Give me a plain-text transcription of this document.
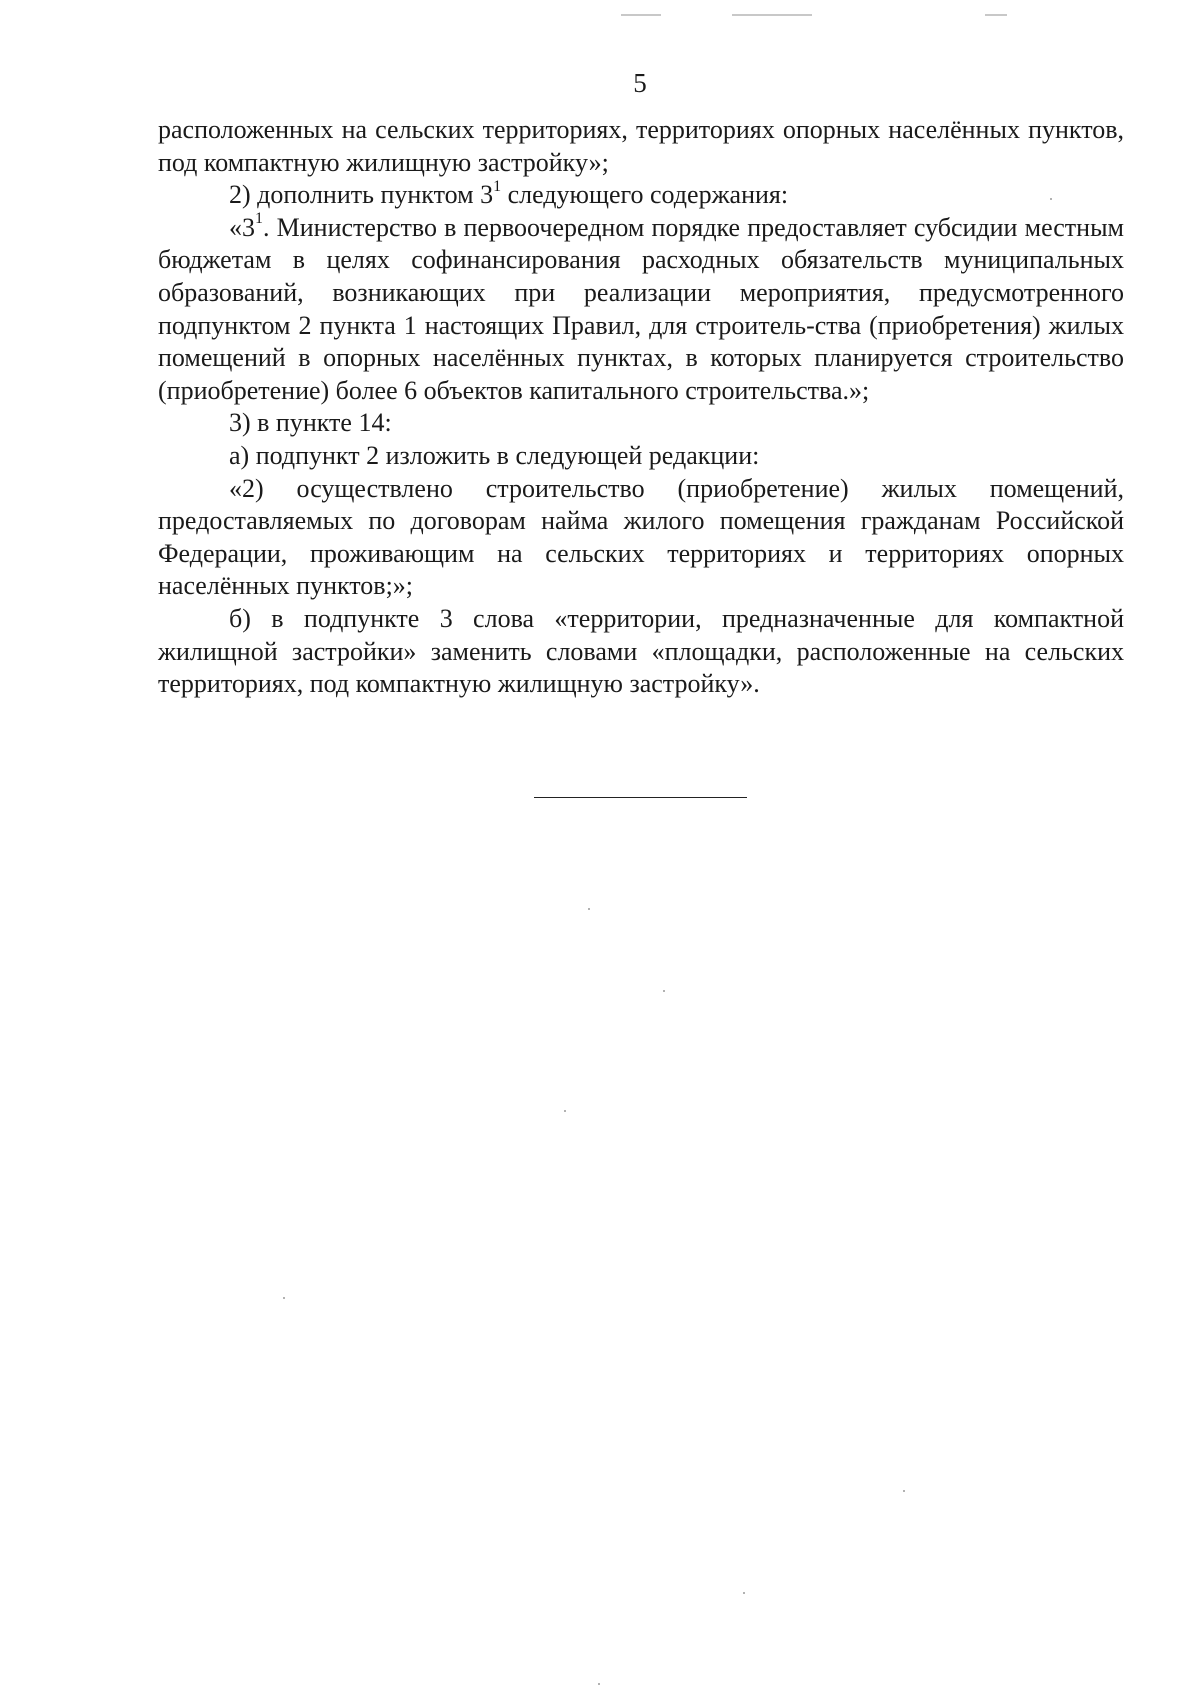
5

расположенных на сельских территориях, территориях опорных населённых пунктов, под компактную жилищную застройку»;

2) дополнить пунктом $3^1$ следующего содержания:

«$3^1$. Министерство в первоочередном порядке предоставляет субсидии местным бюджетам в целях софинансирования расходных обязательств муниципальных образований, возникающих при реализации мероприятия, предусмотренного подпунктом 2 пункта 1 настоящих Правил, для строитель-ства (приобретения) жилых помещений в опорных населённых пунктах, в которых планируется строительство (приобретение) более 6 объектов капитального строительства.»;

3) в пункте 14:

а) подпункт 2 изложить в следующей редакции:

«2) осуществлено строительство (приобретение) жилых помещений, предоставляемых по договорам найма жилого помещения гражданам Российской Федерации, проживающим на сельских территориях и территориях опорных населённых пунктов;»;

б) в подпункте 3 слова «территории, предназначенные для компактной жилищной застройки» заменить словами «площадки, расположенные на сельских территориях, под компактную жилищную застройку».
